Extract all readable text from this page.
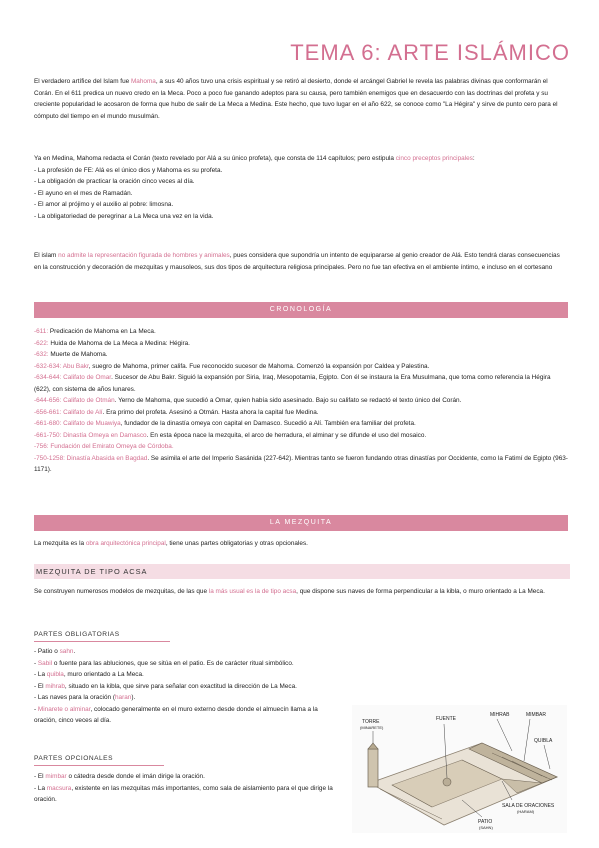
TEMA 6: ARTE ISLÁMICO
El verdadero artífice del Islam fue Mahoma, a sus 40 años tuvo una crisis espiritual y se retiró al desierto, donde el arcángel Gabriel le revela las palabras divinas que conformarán el Corán. En el 611 predica un nuevo credo en la Meca. Poco a poco fue ganando adeptos para su causa, pero también enemigos que en desacuerdo con las doctrinas del profeta y su creciente popularidad le acosaron de forma que hubo de salir de La Meca a Medina. Este hecho, que tuvo lugar en el año 622, se conoce como "La Hégira" y sirve de punto cero para el cómputo del tiempo en el mundo musulmán.
Ya en Medina, Mahoma redacta el Corán (texto revelado por Alá a su único profeta), que consta de 114 capítulos; pero estipula cinco preceptos principales:
- La profesión de FE: Alá es el único dios y Mahoma es su profeta.
- La obligación de practicar la oración cinco veces al día.
- El ayuno en el mes de Ramadán.
- El amor al prójimo y el auxilio al pobre: limosna.
- La obligatoriedad de peregrinar a La Meca una vez en la vida.
El islam no admite la representación figurada de hombres y animales, pues considera que supondría un intento de equipararse al genio creador de Alá. Esto tendrá claras consecuencias en la construcción y decoración de mezquitas y mausoleos, sus dos tipos de arquitectura religiosa principales. Pero no fue tan efectiva en el ambiente íntimo, e incluso en el cortesano
CRONOLOGÍA
-611: Predicación de Mahoma en La Meca.
-622: Huida de Mahoma de La Meca a Medina: Hégira.
-632: Muerte de Mahoma.
-632-634: Abu Bakr, suegro de Mahoma, primer califa. Fue reconocido sucesor de Mahoma. Comenzó la expansión por Caldea y Palestina.
-634-644: Califato de Omar. Sucesor de Abu Bakr. Siguió la expansión por Siria, Iraq, Mesopotamia, Egipto. Con él se instaura la Era Musulmana, que toma como referencia la Hégira (622), con sistema de años lunares.
-644-656: Califato de Otmán. Yerno de Mahoma, que sucedió a Omar, quien había sido asesinado. Bajo su califato se redactó el texto único del Corán.
-656-661: Califato de Alí. Era primo del profeta. Asesinó a Otmán. Hasta ahora la capital fue Medina.
-661-680: Califato de Muawiya, fundador de la dinastía omeya con capital en Damasco. Sucedió a Alí. También era familiar del profeta.
-661-750: Dinastía Omeya en Damasco. En esta época nace la mezquita, el arco de herradura, el alminar y se difunde el uso del mosaico.
-756: Fundación del Emirato Omeya de Córdoba.
-750-1258: Dinastía Abasida en Bagdad. Se asimila el arte del Imperio Sasánida (227-642). Mientras tanto se fueron fundando otras dinastías por Occidente, como la Fatimí de Egipto (963-1171).
LA MEZQUITA
La mezquita es la obra arquitectónica principal, tiene unas partes obligatorias y otras opcionales.
MEZQUITA DE TIPO ACSA
Se construyen numerosos modelos de mezquitas, de las que la más usual es la de tipo acsa, que dispone sus naves de forma perpendicular a la kibla, o muro orientado a La Meca.
PARTES OBLIGATORIAS
- Patio o sahn.
- Sabil o fuente para las abluciones, que se sitúa en el patio. Es de carácter ritual simbólico.
- La quibla, muro orientado a La Meca.
- El mihrab, situado en la kibla, que sirve para señalar con exactitud la dirección de La Meca.
- Las naves para la oración (haran).
- Minarete o alminar, colocado generalmente en el muro externo desde donde el almuecín llama a la oración, cinco veces al día.
PARTES OPCIONALES
- El mimbar o cátedra desde donde el imán dirige la oración.
- La macsura, existente en las mezquitas más importantes, como sala de aislamiento para el que dirige la oración.
TORRE
(MINARETE)
FUENTE
MIHRAB	MIMBAR
QUIBLA
SALA DE ORACIONES
(HARAM)
PATIO
(SAHN)
